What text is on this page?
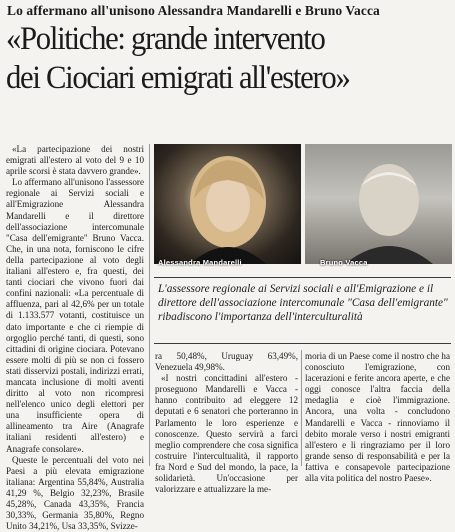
Lo affermano all'unisono Alessandra Mandarelli e Bruno Vacca
«Politiche: grande intervento
dei Ciociari emigrati all'estero»

«La partecipazione dei nostri emigrati all'estero al voto del 9 e 10 aprile scorsi è stata davvero grande».

Lo affermano all'unisono l'assessore regionale ai Servizi sociali e all'Emigrazione Alessandra Mandarelli e il direttore dell'associazione intercomunale "Casa dell'emigrante" Bruno Vacca. Che, in una nota, forniscono le cifre della partecipazione al voto degli italiani all'estero e, fra questi, dei tanti ciociari che vivono fuori dai confini nazionali: «La percentuale di affluenza, pari al 42,6% per un totale di 1.133.577 votanti, costituisce un dato importante e che ci riempie di orgoglio perché tanti, di questi, sono cittadini di origine ciociara. Potevano essere molti di più se non ci fossero stati disservizi postali, indirizzi errati, mancata inclusione di molti aventi diritto al voto non ricompresi nell'elenco unico degli elettori per una insufficiente opera di allineamento tra Aire (Anagrafe italiani residenti all'estero) e Anagrafe consolare».

Queste le percentuali del voto nei Paesi a più elevata emigrazione italiana: Argentina 55,84%, Australia 41,29 %, Belgio 32,23%, Brasile 45,28%, Canada 43,35%, Francia 30,33%, Germania 35,80%, Regno Unito 34,21%, Usa 33,35%, Svizze-

Alessandra Mandarelli	Bruno Vacca
L'assessore regionale ai Servizi sociali e all'Emigrazione e il direttore dell'associazione intercomunale "Casa dell'emigrante" ribadiscono l'importanza dell'interculturalità

ra 50,48%, Uruguay 63,49%, Venezuela 49,98%.

«I nostri concittadini all'estero - proseguono Mandarelli e Vacca - hanno contribuito ad eleggere 12 deputati e 6 senatori che porteranno in Parlamento le loro esperienze e conoscenze. Questo servirà a farci meglio comprendere che cosa significa costruire l'intercultualità, il rapporto fra Nord e Sud del mondo, la pace, la solidarietà. Un'occasione per valorizzare e attualizzare la me-

moria di un Paese come il nostro che ha conosciuto l'emigrazione, con lacerazioni e ferite ancora aperte, e che oggi conosce l'altra faccia della medaglia e cioè l'immigrazione. Ancora, una volta - concludono Mandarelli e Vacca - rinnoviamo il debito morale verso i nostri emigranti all'estero e li ringraziamo per il loro grande senso di responsabilità e per la fattiva e consapevole partecipazione alla vita politica del nostro Paese».
